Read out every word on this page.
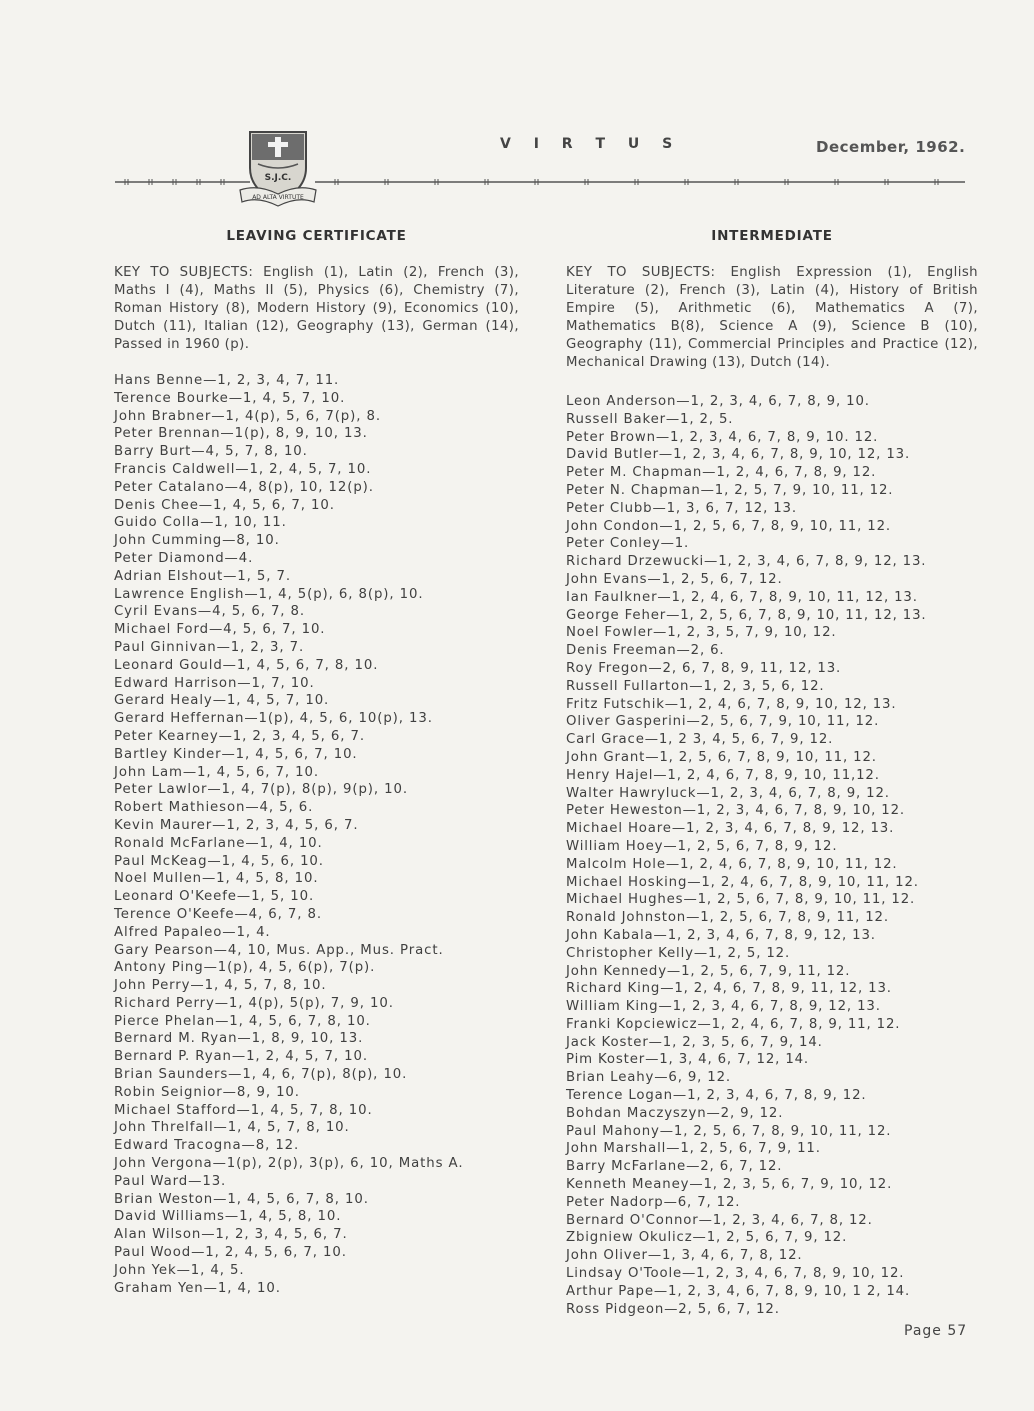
S.J.C.
AD ALTA VIRTUTE
V I R T U S	December, 1962.
LEAVING CERTIFICATE

KEY TO SUBJECTS: English (1), Latin (2), French (3), Maths I (4), Maths II (5), Physics (6), Chemistry (7), Roman History (8), Modern History (9), Economics (10), Dutch (11), Italian (12), Geography (13), German (14), Passed in 1960 (p).

Hans Benne—1, 2, 3, 4, 7, 11.
Terence Bourke—1, 4, 5, 7, 10.
John Brabner—1, 4(p), 5, 6, 7(p), 8.
Peter Brennan—1(p), 8, 9, 10, 13.
Barry Burt—4, 5, 7, 8, 10.
Francis Caldwell—1, 2, 4, 5, 7, 10.
Peter Catalano—4, 8(p), 10, 12(p).
Denis Chee—1, 4, 5, 6, 7, 10.
Guido Colla—1, 10, 11.
John Cumming—8, 10.
Peter Diamond—4.
Adrian Elshout—1, 5, 7.
Lawrence English—1, 4, 5(p), 6, 8(p), 10.
Cyril Evans—4, 5, 6, 7, 8.
Michael Ford—4, 5, 6, 7, 10.
Paul Ginnivan—1, 2, 3, 7.
Leonard Gould—1, 4, 5, 6, 7, 8, 10.
Edward Harrison—1, 7, 10.
Gerard Healy—1, 4, 5, 7, 10.
Gerard Heffernan—1(p), 4, 5, 6, 10(p), 13.
Peter Kearney—1, 2, 3, 4, 5, 6, 7.
Bartley Kinder—1, 4, 5, 6, 7, 10.
John Lam—1, 4, 5, 6, 7, 10.
Peter Lawlor—1, 4, 7(p), 8(p), 9(p), 10.
Robert Mathieson—4, 5, 6.
Kevin Maurer—1, 2, 3, 4, 5, 6, 7.
Ronald McFarlane—1, 4, 10.
Paul McKeag—1, 4, 5, 6, 10.
Noel Mullen—1, 4, 5, 8, 10.
Leonard O'Keefe—1, 5, 10.
Terence O'Keefe—4, 6, 7, 8.
Alfred Papaleo—1, 4.
Gary Pearson—4, 10, Mus. App., Mus. Pract.
Antony Ping—1(p), 4, 5, 6(p), 7(p).
John Perry—1, 4, 5, 7, 8, 10.
Richard Perry—1, 4(p), 5(p), 7, 9, 10.
Pierce Phelan—1, 4, 5, 6, 7, 8, 10.
Bernard M. Ryan—1, 8, 9, 10, 13.
Bernard P. Ryan—1, 2, 4, 5, 7, 10.
Brian Saunders—1, 4, 6, 7(p), 8(p), 10.
Robin Seignior—8, 9, 10.
Michael Stafford—1, 4, 5, 7, 8, 10.
John Threlfall—1, 4, 5, 7, 8, 10.
Edward Tracogna—8, 12.
John Vergona—1(p), 2(p), 3(p), 6, 10, Maths A.
Paul Ward—13.
Brian Weston—1, 4, 5, 6, 7, 8, 10.
David Williams—1, 4, 5, 8, 10.
Alan Wilson—1, 2, 3, 4, 5, 6, 7.
Paul Wood—1, 2, 4, 5, 6, 7, 10.
John Yek—1, 4, 5.
Graham Yen—1, 4, 10.
INTERMEDIATE

KEY TO SUBJECTS: English Expression (1), English Literature (2), French (3), Latin (4), History of British Empire (5), Arithmetic (6), Mathematics A (7), Mathematics B(8), Science A (9), Science B (10), Geography (11), Commercial Principles and Practice (12), Mechanical Drawing (13), Dutch (14).

Leon Anderson—1, 2, 3, 4, 6, 7, 8, 9, 10.
Russell Baker—1, 2, 5.
Peter Brown—1, 2, 3, 4, 6, 7, 8, 9, 10. 12.
David Butler—1, 2, 3, 4, 6, 7, 8, 9, 10, 12, 13.
Peter M. Chapman—1, 2, 4, 6, 7, 8, 9, 12.
Peter N. Chapman—1, 2, 5, 7, 9, 10, 11, 12.
Peter Clubb—1, 3, 6, 7, 12, 13.
John Condon—1, 2, 5, 6, 7, 8, 9, 10, 11, 12.
Peter Conley—1.
Richard Drzewucki—1, 2, 3, 4, 6, 7, 8, 9, 12, 13.
John Evans—1, 2, 5, 6, 7, 12.
Ian Faulkner—1, 2, 4, 6, 7, 8, 9, 10, 11, 12, 13.
George Feher—1, 2, 5, 6, 7, 8, 9, 10, 11, 12, 13.
Noel Fowler—1, 2, 3, 5, 7, 9, 10, 12.
Denis Freeman—2, 6.
Roy Fregon—2, 6, 7, 8, 9, 11, 12, 13.
Russell Fullarton—1, 2, 3, 5, 6, 12.
Fritz Futschik—1, 2, 4, 6, 7, 8, 9, 10, 12, 13.
Oliver Gasperini—2, 5, 6, 7, 9, 10, 11, 12.
Carl Grace—1, 2 3, 4, 5, 6, 7, 9, 12.
John Grant—1, 2, 5, 6, 7, 8, 9, 10, 11, 12.
Henry Hajel—1, 2, 4, 6, 7, 8, 9, 10, 11,12.
Walter Hawryluck—1, 2, 3, 4, 6, 7, 8, 9, 12.
Peter Heweston—1, 2, 3, 4, 6, 7, 8, 9, 10, 12.
Michael Hoare—1, 2, 3, 4, 6, 7, 8, 9, 12, 13.
William Hoey—1, 2, 5, 6, 7, 8, 9, 12.
Malcolm Hole—1, 2, 4, 6, 7, 8, 9, 10, 11, 12.
Michael Hosking—1, 2, 4, 6, 7, 8, 9, 10, 11, 12.
Michael Hughes—1, 2, 5, 6, 7, 8, 9, 10, 11, 12.
Ronald Johnston—1, 2, 5, 6, 7, 8, 9, 11, 12.
John Kabala—1, 2, 3, 4, 6, 7, 8, 9, 12, 13.
Christopher Kelly—1, 2, 5, 12.
John Kennedy—1, 2, 5, 6, 7, 9, 11, 12.
Richard King—1, 2, 4, 6, 7, 8, 9, 11, 12, 13.
William King—1, 2, 3, 4, 6, 7, 8, 9, 12, 13.
Franki Kopciewicz—1, 2, 4, 6, 7, 8, 9, 11, 12.
Jack Koster—1, 2, 3, 5, 6, 7, 9, 14.
Pim Koster—1, 3, 4, 6, 7, 12, 14.
Brian Leahy—6, 9, 12.
Terence Logan—1, 2, 3, 4, 6, 7, 8, 9, 12.
Bohdan Maczyszyn—2, 9, 12.
Paul Mahony—1, 2, 5, 6, 7, 8, 9, 10, 11, 12.
John Marshall—1, 2, 5, 6, 7, 9, 11.
Barry McFarlane—2, 6, 7, 12.
Kenneth Meaney—1, 2, 3, 5, 6, 7, 9, 10, 12.
Peter Nadorp—6, 7, 12.
Bernard O'Connor—1, 2, 3, 4, 6, 7, 8, 12.
Zbigniew Okulicz—1, 2, 5, 6, 7, 9, 12.
John Oliver—1, 3, 4, 6, 7, 8, 12.
Lindsay O'Toole—1, 2, 3, 4, 6, 7, 8, 9, 10, 12.
Arthur Pape—1, 2, 3, 4, 6, 7, 8, 9, 10, 1 2, 14.
Ross Pidgeon—2, 5, 6, 7, 12.
Page 57
